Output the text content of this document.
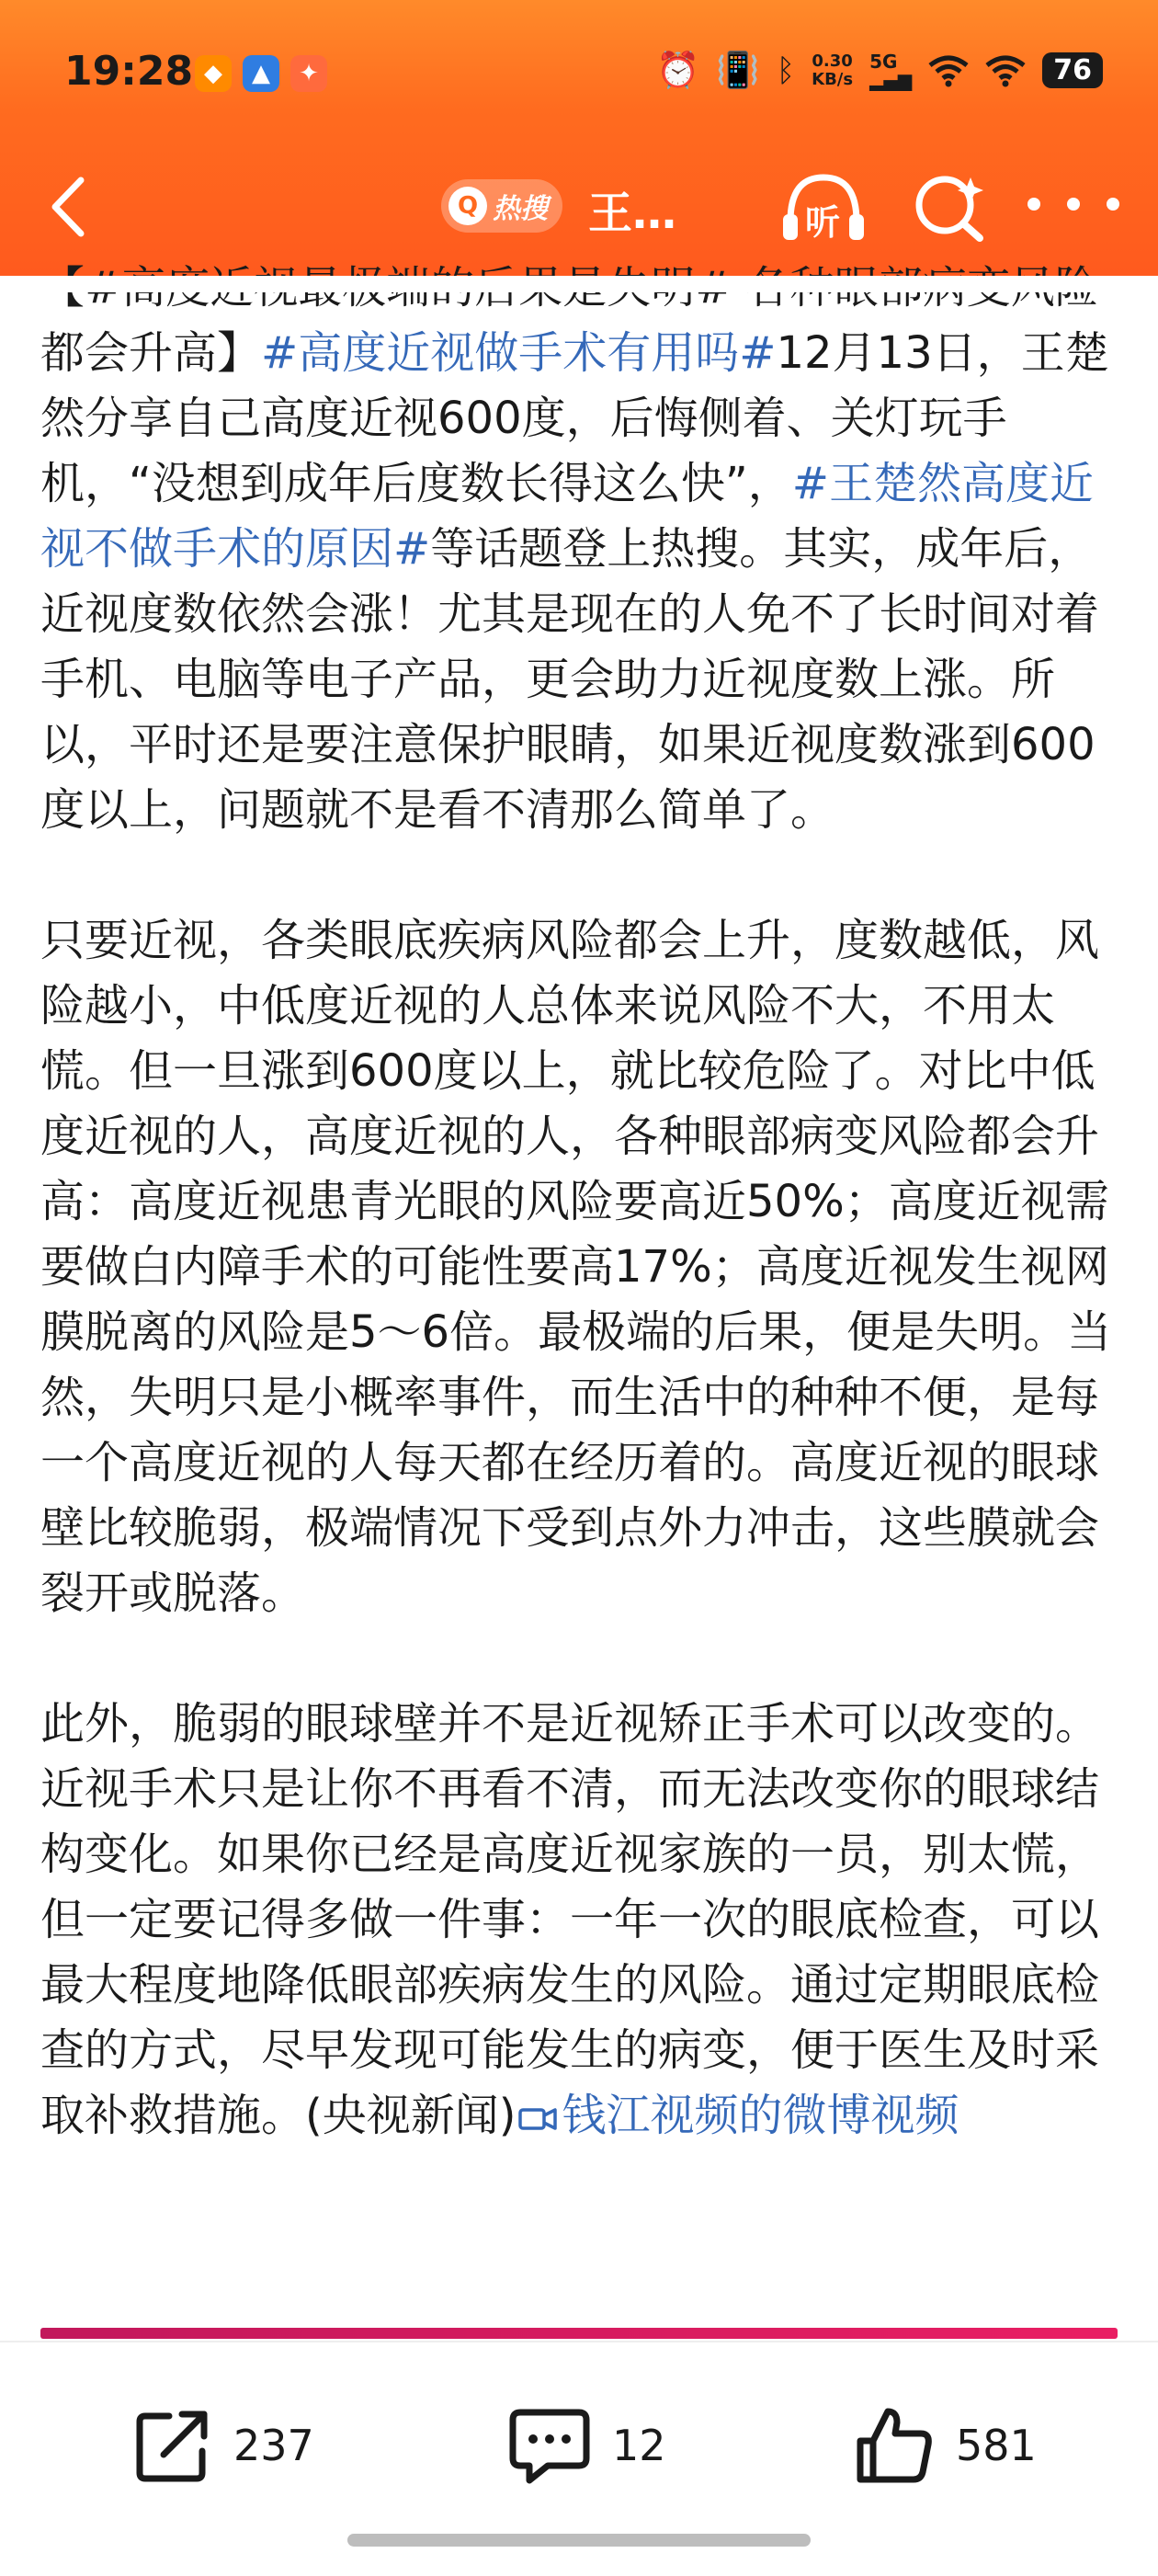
19:28 ◆	▲	✦	⏰ 📳 ᛒ 0.30
KB/s
5G
▂▄▆	76
Q 热搜 王…	听

都会升高】#高度近视做手术有用吗#12月13日，王楚然分享自己高度近视600度，后悔侧着、关灯玩手机，“没想到成年后度数长得这么快”，#王楚然高度近视不做手术的原因#等话题登上热搜。其实，成年后，近视度数依然会涨！尤其是现在的人免不了长时间对着手机、电脑等电子产品，更会助力近视度数上涨。所以，平时还是要注意保护眼睛，如果近视度数涨到600度以上，问题就不是看不清那么简单了。

只要近视，各类眼底疾病风险都会上升，度数越低，风险越小，中低度近视的人总体来说风险不大，不用太慌。但一旦涨到600度以上，就比较危险了。对比中低度近视的人，高度近视的人，各种眼部病变风险都会升高：高度近视患青光眼的风险要高近50%；高度近视需要做白内障手术的可能性要高17%；高度近视发生视网膜脱离的风险是5～6倍。最极端的后果，便是失明。当然，失明只是小概率事件，而生活中的种种不便，是每一个高度近视的人每天都在经历着的。高度近视的眼球壁比较脆弱，极端情况下受到点外力冲击，这些膜就会裂开或脱落。

此外，脆弱的眼球壁并不是近视矫正手术可以改变的。近视手术只是让你不再看不清，而无法改变你的眼球结构变化。如果你已经是高度近视家族的一员，别太慌，但一定要记得多做一件事：一年一次的眼底检查，可以最大程度地降低眼部疾病发生的风险。通过定期眼底检查的方式，尽早发现可能发生的病变，便于医生及时采取补救措施。(央视新闻) 钱江视频的微博视频

237	12	581
